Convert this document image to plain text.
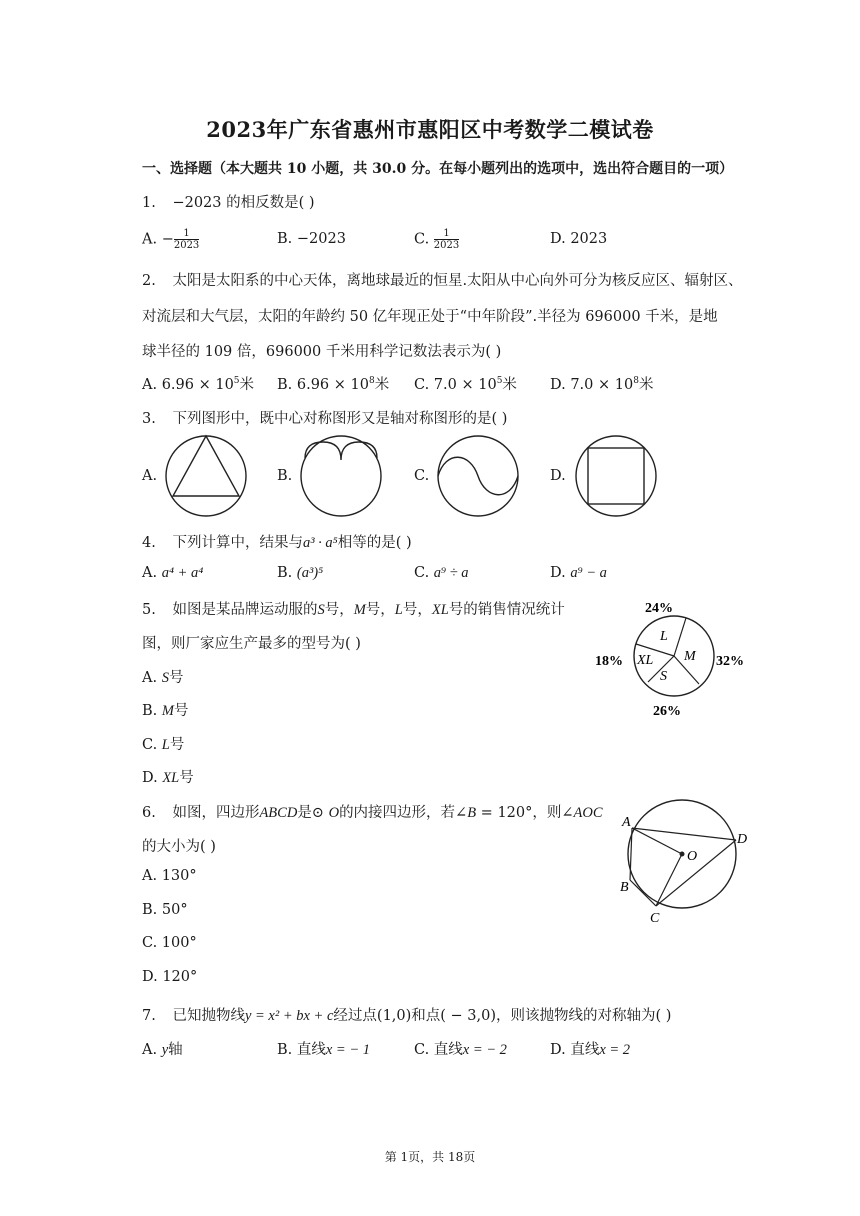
2023年广东省惠州市惠阳区中考数学二模试卷
一、选择题（本大题共 10 小题，共 30.0 分。在每小题列出的选项中，选出符合题目的一项）
1. −2023 的相反数是( )
A. − $\frac{1}{2023}$	B. −2023	C. $\frac{1}{2023}$	D. 2023
2. 太阳是太阳系的中心天体，离地球最近的恒星.太阳从中心向外可分为核反应区、辐射区、
对流层和大气层，太阳的年龄约 50 亿年现正处于“中年阶段”.半径为 696000 千米，是地
球半径的 109 倍，696000 千米用科学记数法表示为( )
A. $6.96 \times 10^5$米 B. $6.96 \times 10^8$米 C. $7.0 \times 10^5$米 D. $7.0 \times 10^8$米
3. 下列图形中，既中心对称图形又是轴对称图形的是( )
A.	B.	C.	D.
4. 下列计算中，结果与a³ · a⁵相等的是( )
A. a⁴ + a⁴	B. (a³)⁵	C. a⁹ ÷ a	D. a⁹ − a
5. 如图是某品牌运动服的S号，M号，L号，XL号的销售情况统计
图，则厂家应生产最多的型号为( )
A. S号
B. M号
C. L号
D. XL号
L
M
S
XL
24%
32%
26%
18%
6. 如图，四边形ABCD是⊙ O的内接四边形，若∠B = 120°，则∠AOC
的大小为( )
A. 130°
B. 50°
C. 100°
D. 120°
A
B
C
D
O
7. 已知抛物线y = x² + bx + c经过点(1,0)和点( − 3,0)，则该抛物线的对称轴为( )
A. y轴	B. 直线x = − 1	C. 直线x = − 2	D. 直线x = 2
第 1页，共 18页
